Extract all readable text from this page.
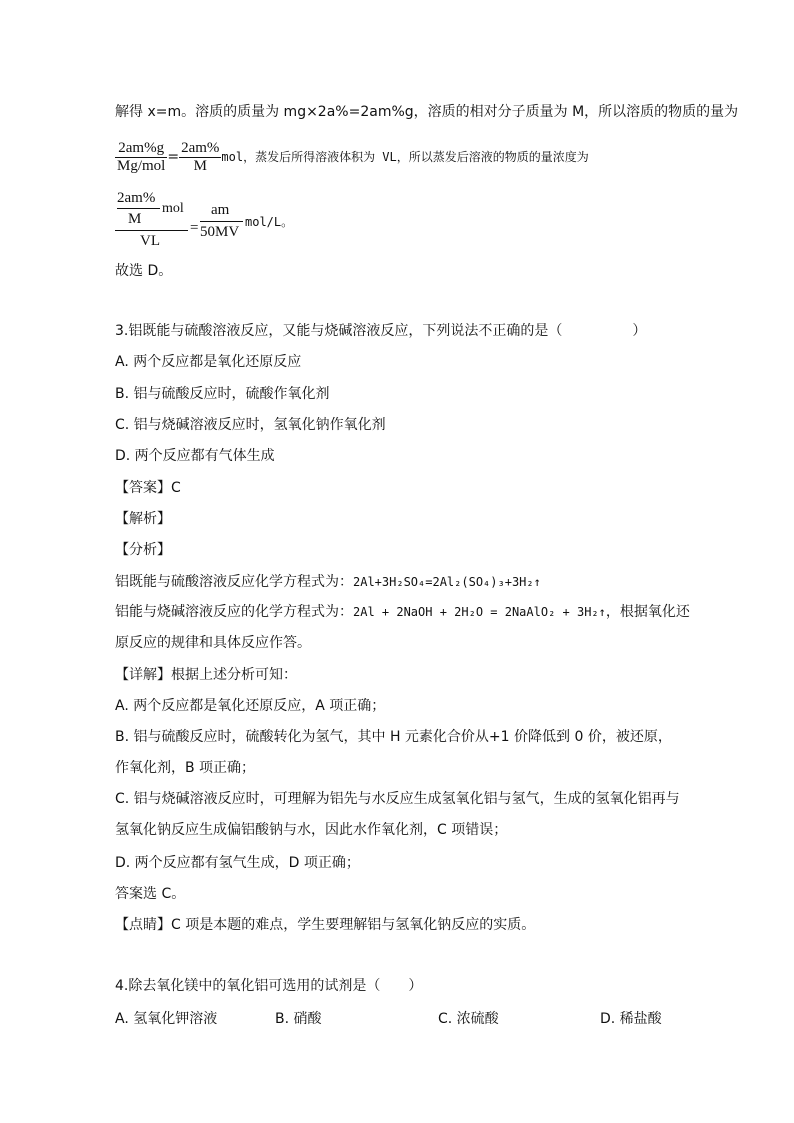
解得 x=m。溶质的质量为 mg×2a%=2am%g，溶质的相对分子质量为 M，所以溶质的物质的量为
$\frac{2am\%g}{\text{Mg/mol}} = \frac{2am\%}{M}$ mol，蒸发后所得溶液体积为 VL，所以蒸发后溶液的物质的量浓度为
2am%
M
mol
VL
=
am
50MV
mol/L。
故选 D。
3.铝既能与硫酸溶液反应，又能与烧碱溶液反应，下列说法不正确的是（　　　　　）
A. 两个反应都是氧化还原反应
B. 铝与硫酸反应时，硫酸作氧化剂
C. 铝与烧碱溶液反应时，氢氧化钠作氧化剂
D. 两个反应都有气体生成
【答案】C
【解析】
【分析】
铝既能与硫酸溶液反应化学方程式为：2Al+3H₂SO₄=2Al₂(SO₄)₃+3H₂↑
铝能与烧碱溶液反应的化学方程式为：2Al + 2NaOH + 2H₂O = 2NaAlO₂ + 3H₂↑，根据氧化还
原反应的规律和具体反应作答。
【详解】根据上述分析可知：
A. 两个反应都是氧化还原反应，A 项正确；
B. 铝与硫酸反应时，硫酸转化为氢气，其中 H 元素化合价从+1 价降低到 0 价，被还原，作氧化剂，B 项正确；
C. 铝与烧碱溶液反应时，可理解为铝先与水反应生成氢氧化铝与氢气，生成的氢氧化铝再与氢氧化钠反应生成偏铝酸钠与水，因此水作氧化剂，C 项错误；
D. 两个反应都有氢气生成，D 项正确；
答案选 C。
【点睛】C 项是本题的难点，学生要理解铝与氢氧化钠反应的实质。
4.除去氧化镁中的氧化铝可选用的试剂是（　　）
A. 氢氧化钾溶液	B. 硝酸	C. 浓硫酸	D. 稀盐酸
